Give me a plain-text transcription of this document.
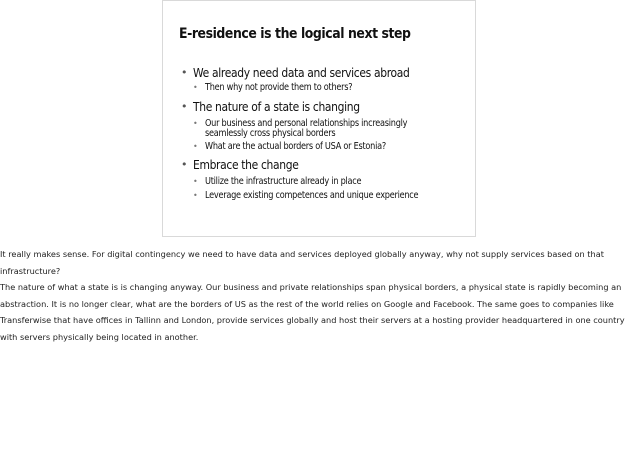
E-residence is the logical next step
• We already need data and services abroad
• Then why not provide them to others?
• The nature of a state is changing
• Our business and personal relationships increasingly seamlessly cross physical borders
• What are the actual borders of USA or Estonia?
• Embrace the change
• Utilize the infrastructure already in place
• Leverage existing competences and unique experience

It really makes sense. For digital contingency we need to have data and services deployed globally anyway, why not supply services based on that infrastructure?

The nature of what a state is is changing anyway. Our business and private relationships span physical borders, a physical state is rapidly becoming an abstraction. It is no longer clear, what are the borders of US as the rest of the world relies on Google and Facebook. The same goes to companies like Transferwise that have offices in Tallinn and London, provide services globally and host their servers at a hosting provider headquartered in one country with servers physically being located in another.
